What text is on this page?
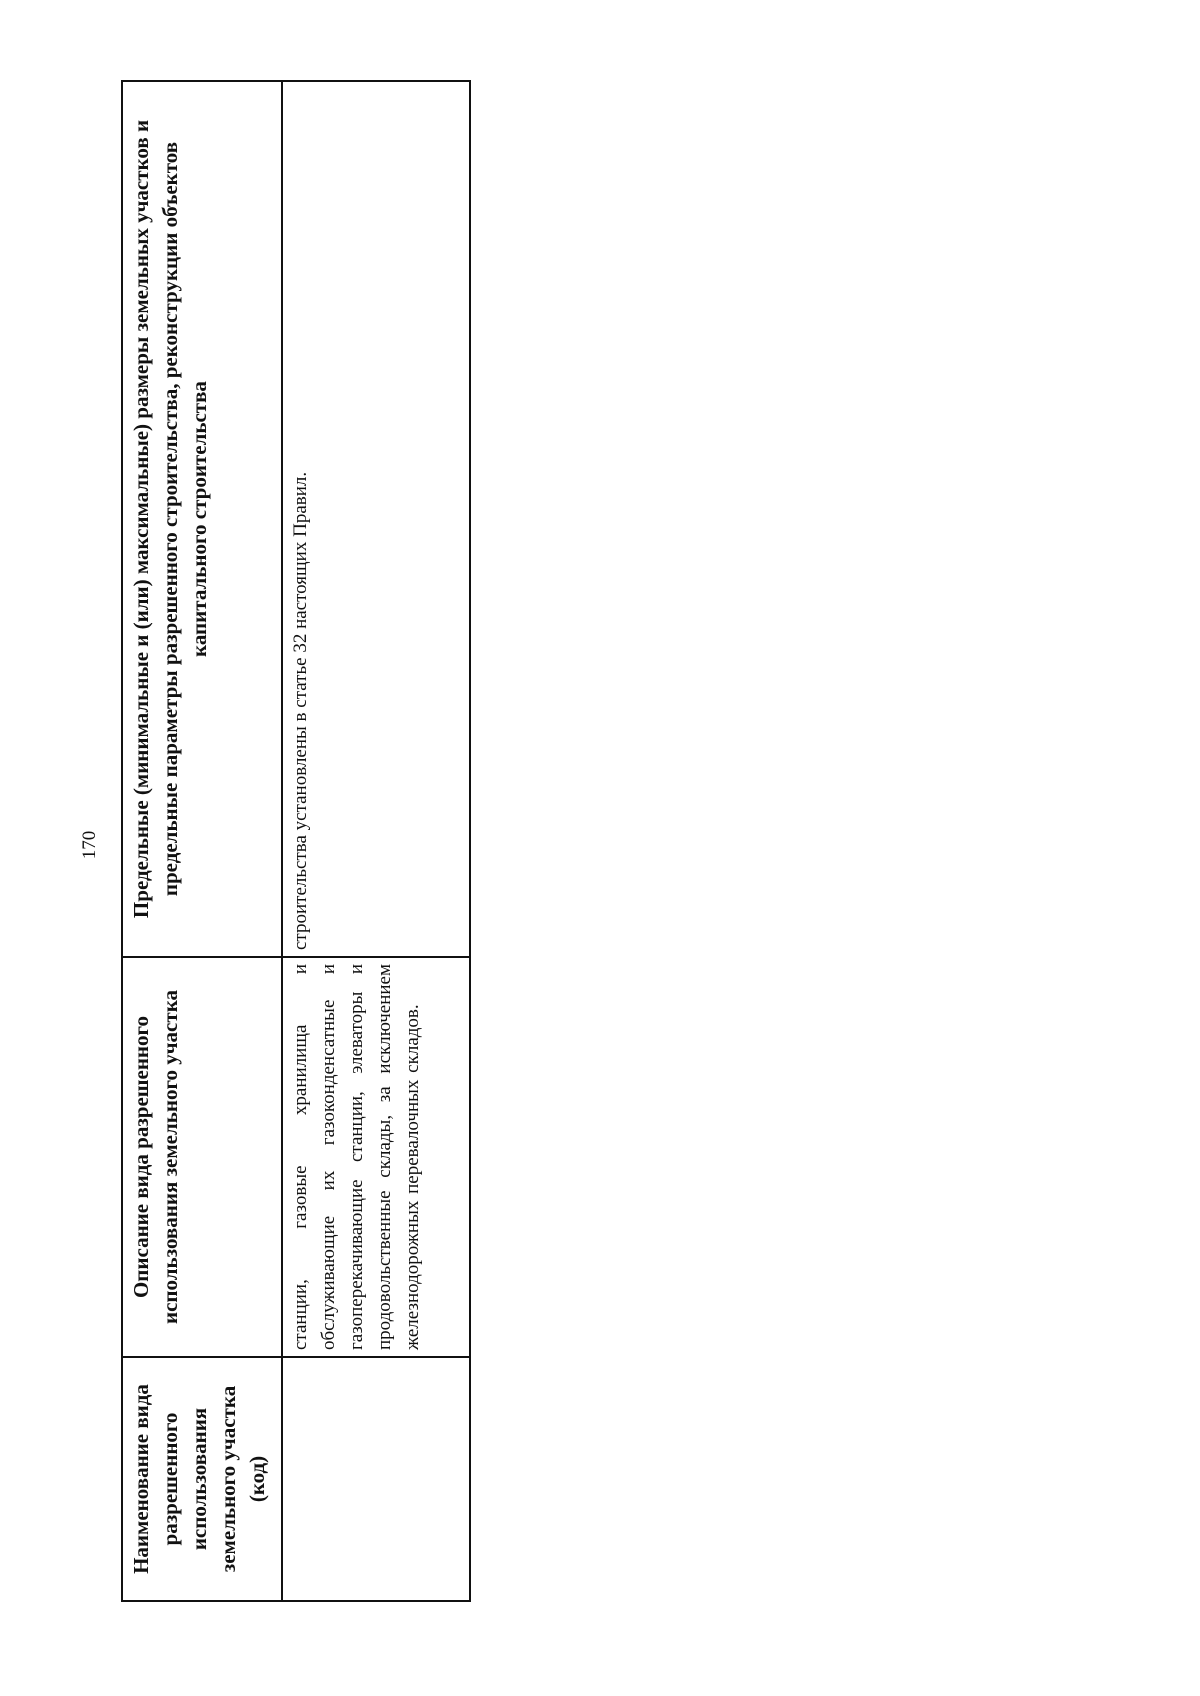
170
Наименование вида разрешенного использования земельного участка (код)	Описание вида разрешенного использования земельного участка	Предельные (минимальные и (или) максимальные) размеры земельных участков и предельные параметры разрешенного строительства, реконструкции объектов капитального строительства

	станции, газовые хранилища и обслуживающие их газоконденсатные и газоперекачивающие станции, элеваторы и продовольственные склады, за исключением железнодорожных перевалочных складов.	строительства установлены в статье 32 настоящих Правил.
